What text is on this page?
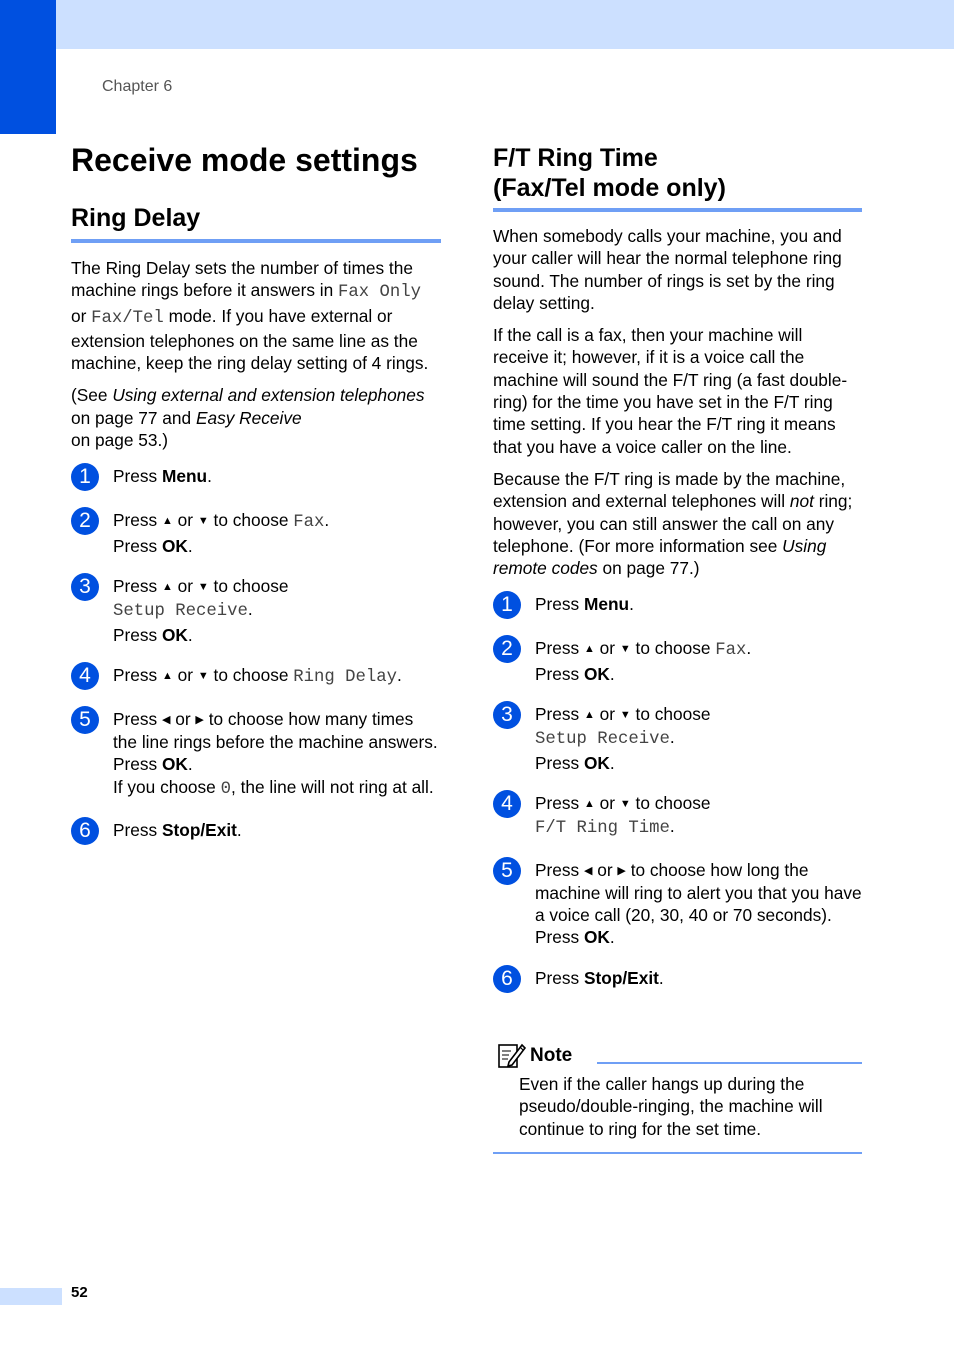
Chapter 6
Receive mode settings
Ring Delay

The Ring Delay sets the number of times the machine rings before it answers in Fax Only or Fax/Tel mode. If you have external or extension telephones on the same line as the machine, keep the ring delay setting of 4 rings.

(See Using external and extension telephones on page 77 and Easy Receive
on page 53.)

1	Press Menu.
2	Press ▲ or ▼ to choose Fax.
Press OK.
3	Press ▲ or ▼ to choose
Setup Receive.
Press OK.
4	Press ▲ or ▼ to choose Ring Delay.
5	Press ◀ or ▶ to choose how many times the line rings before the machine answers.
Press OK.
If you choose 0, the line will not ring at all.
6	Press Stop/Exit.
F/T Ring Time
(Fax/Tel mode only)

When somebody calls your machine, you and your caller will hear the normal telephone ring sound. The number of rings is set by the ring delay setting.

If the call is a fax, then your machine will receive it; however, if it is a voice call the machine will sound the F/T ring (a fast double-ring) for the time you have set in the F/T ring time setting. If you hear the F/T ring it means that you have a voice caller on the line.

Because the F/T ring is made by the machine, extension and external telephones will not ring; however, you can still answer the call on any telephone. (For more information see Using remote codes on page 77.)

1	Press Menu.
2	Press ▲ or ▼ to choose Fax.
Press OK.
3	Press ▲ or ▼ to choose
Setup Receive.
Press OK.
4	Press ▲ or ▼ to choose
F/T Ring Time.
5	Press ◀ or ▶ to choose how long the machine will ring to alert you that you have a voice call (20, 30, 40 or 70 seconds).
Press OK.
6	Press Stop/Exit.
Note
Even if the caller hangs up during the pseudo/double-ringing, the machine will continue to ring for the set time.
52
